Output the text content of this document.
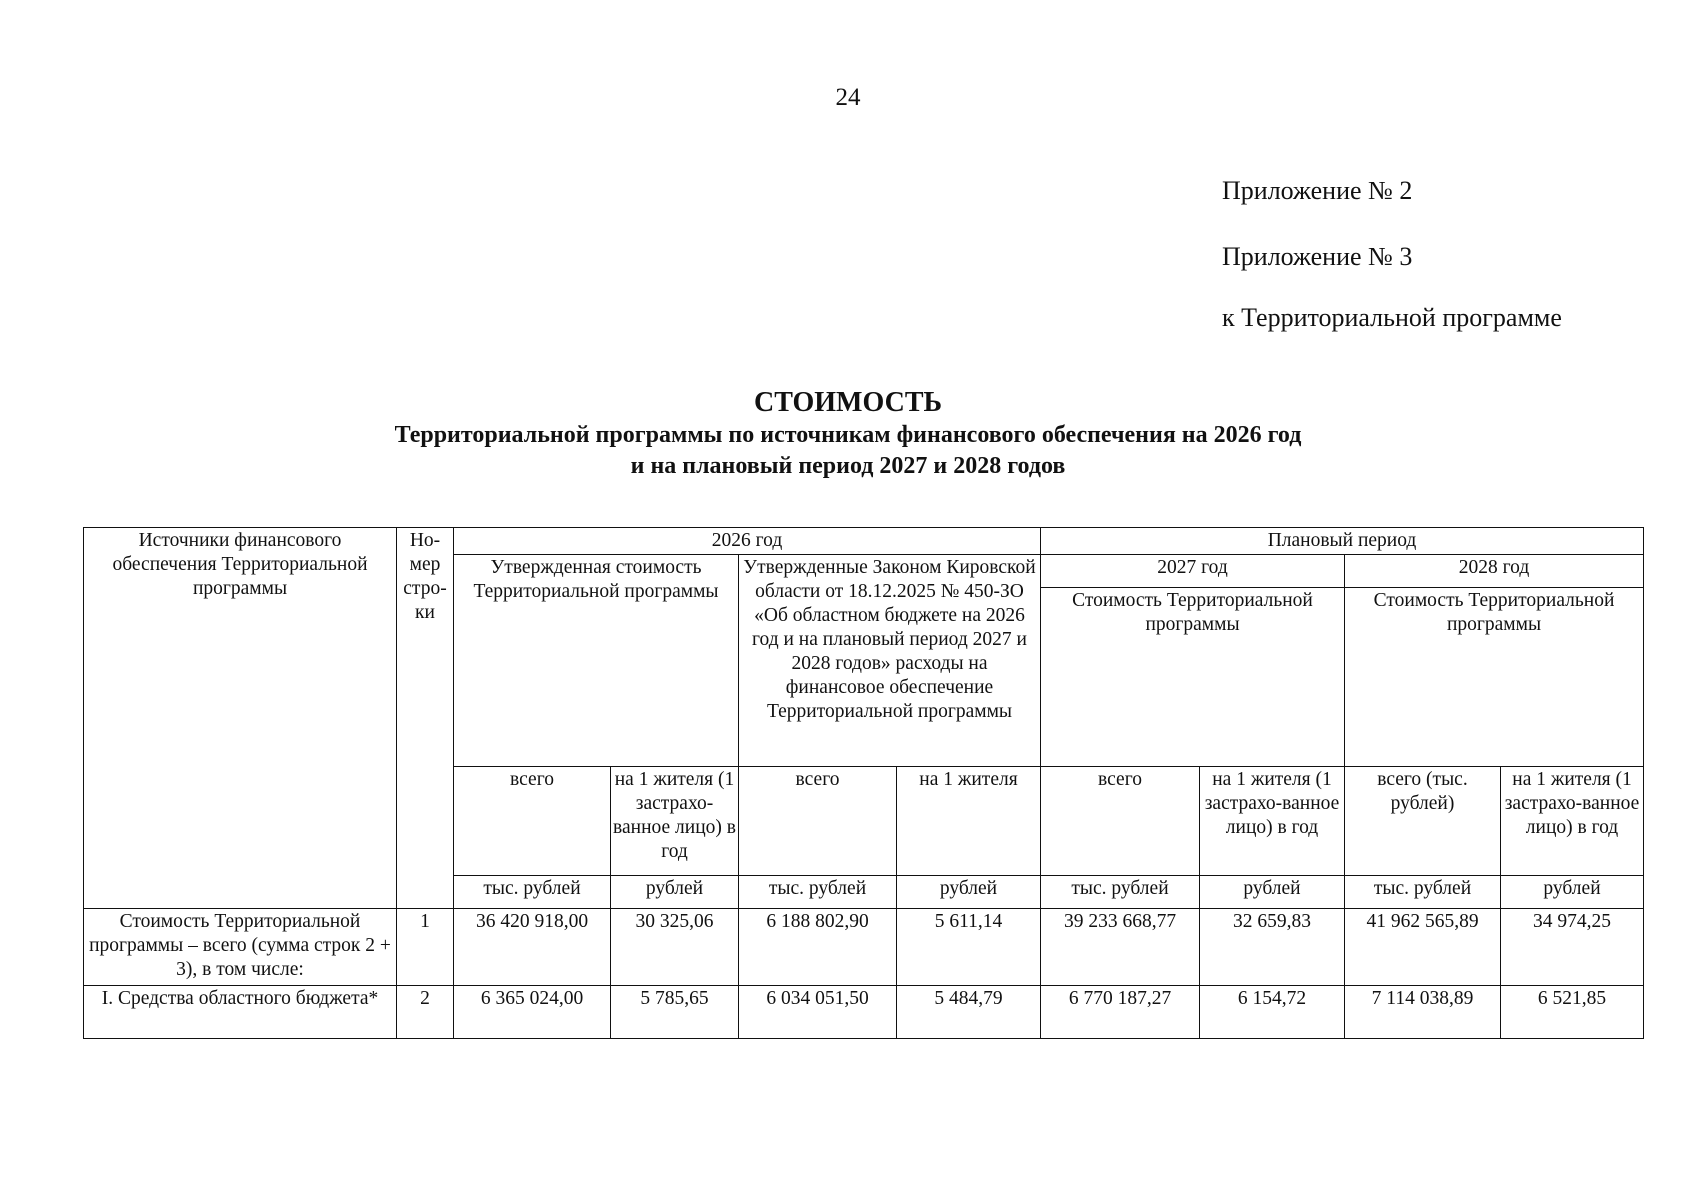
24
Приложение № 2
Приложение № 3
к Территориальной программе
СТОИМОСТЬ
Территориальной программы по источникам финансового обеспечения на 2026 год
и на плановый период 2027 и 2028 годов
Источники финансового обеспечения Территориальной программы	Но-мер стро-ки	2026 год				Плановый период			
		Утвержденная стоимость Территориальной программы		Утвержденные Законом Кировской области от 18.12.2025 № 450-ЗО «Об областном бюджете на 2026 год и на плановый период 2027 и 2028 годов» расходы на финансовое обеспечение Территориальной программы		2027 год		2028 год	
						Стоимость Территориальной программы		Стоимость Территориальной программы	
		всего	на 1 жителя (1 застрахо-ванное лицо) в год	всего	на 1 жителя	всего	на 1 жителя (1 застрахо-ванное лицо) в год	всего (тыс. рублей)	на 1 жителя (1 застрахо-ванное лицо) в год
		тыс. рублей	рублей	тыс. рублей	рублей	тыс. рублей	рублей	тыс. рублей	рублей
Стоимость Территориальной программы – всего (сумма строк 2 + 3), в том числе:	1	36 420 918,00	30 325,06	6 188 802,90	5 611,14	39 233 668,77	32 659,83	41 962 565,89	34 974,25
I. Средства областного бюджета*	2	6 365 024,00	5 785,65	6 034 051,50	5 484,79	6 770 187,27	6 154,72	7 114 038,89	6 521,85
